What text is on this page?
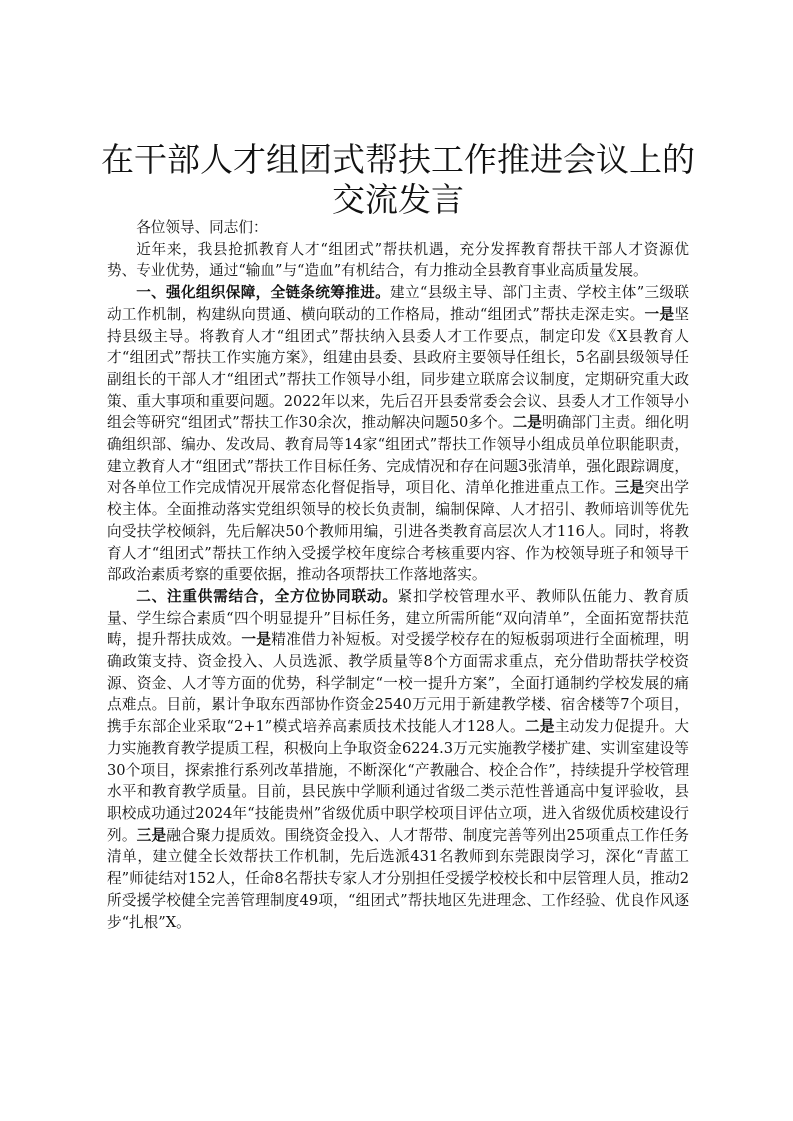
在干部人才组团式帮扶工作推进会议上的交流发言

各位领导、同志们：

近年来，我县抢抓教育人才“组团式”帮扶机遇，充分发挥教育帮扶干部人才资源优势、专业优势，通过“输血”与“造血”有机结合，有力推动全县教育事业高质量发展。

一、强化组织保障，全链条统筹推进。建立“县级主导、部门主责、学校主体”三级联动工作机制，构建纵向贯通、横向联动的工作格局，推动“组团式”帮扶走深走实。一是坚持县级主导。将教育人才“组团式”帮扶纳入县委人才工作要点，制定印发《X县教育人才“组团式”帮扶工作实施方案》，组建由县委、县政府主要领导任组长，5名副县级领导任副组长的干部人才“组团式”帮扶工作领导小组，同步建立联席会议制度，定期研究重大政策、重大事项和重要问题。2022年以来，先后召开县委常委会会议、县委人才工作领导小组会等研究“组团式”帮扶工作30余次，推动解决问题50多个。二是明确部门主责。细化明确组织部、编办、发改局、教育局等14家“组团式”帮扶工作领导小组成员单位职能职责，建立教育人才“组团式”帮扶工作目标任务、完成情况和存在问题3张清单，强化跟踪调度，对各单位工作完成情况开展常态化督促指导，项目化、清单化推进重点工作。三是突出学校主体。全面推动落实党组织领导的校长负责制，编制保障、人才招引、教师培训等优先向受扶学校倾斜，先后解决50个教师用编，引进各类教育高层次人才116人。同时，将教育人才“组团式”帮扶工作纳入受援学校年度综合考核重要内容、作为校领导班子和领导干部政治素质考察的重要依据，推动各项帮扶工作落地落实。

二、注重供需结合，全方位协同联动。紧扣学校管理水平、教师队伍能力、教育质量、学生综合素质“四个明显提升”目标任务，建立所需所能“双向清单”，全面拓宽帮扶范畴，提升帮扶成效。一是精准借力补短板。对受援学校存在的短板弱项进行全面梳理，明确政策支持、资金投入、人员选派、教学质量等8个方面需求重点，充分借助帮扶学校资源、资金、人才等方面的优势，科学制定“一校一提升方案”，全面打通制约学校发展的痛点难点。目前，累计争取东西部协作资金2540万元用于新建教学楼、宿舍楼等7个项目，携手东部企业采取“2+1”模式培养高素质技术技能人才128人。二是主动发力促提升。大力实施教育教学提质工程，积极向上争取资金6224.3万元实施教学楼扩建、实训室建设等30个项目，探索推行系列改革措施，不断深化“产教融合、校企合作”，持续提升学校管理水平和教育教学质量。目前，县民族中学顺利通过省级二类示范性普通高中复评验收，县职校成功通过2024年“技能贵州”省级优质中职学校项目评估立项，进入省级优质校建设行列。三是融合聚力提质效。围绕资金投入、人才帮带、制度完善等列出25项重点工作任务清单，建立健全长效帮扶工作机制，先后选派431名教师到东莞跟岗学习，深化“青蓝工程”师徒结对152人，任命8名帮扶专家人才分别担任受援学校校长和中层管理人员，推动2所受援学校健全完善管理制度49项，“组团式”帮扶地区先进理念、工作经验、优良作风逐步“扎根”X。
